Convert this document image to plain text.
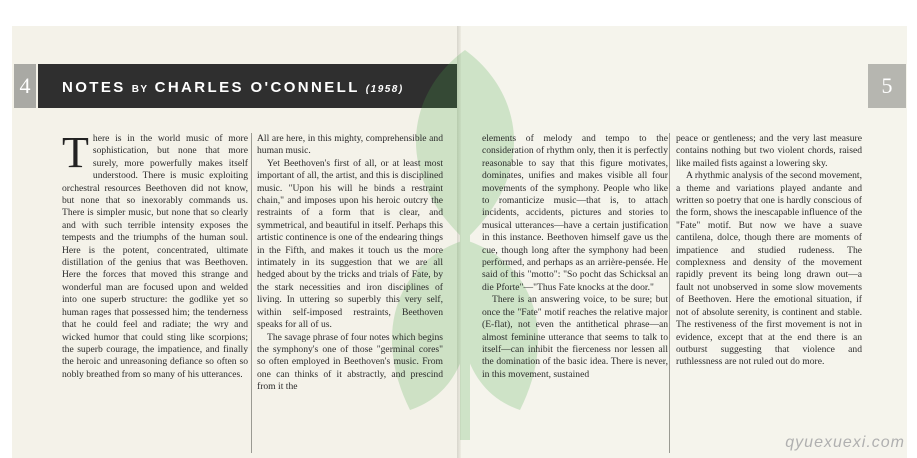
4	5
NOTES BY CHARLES O'CONNELL (1958)

There is in the world music of more sophistication, but none that more surely, more powerfully makes itself understood. There is music exploiting orchestral resources Beethoven did not know, but none that so inexorably commands us. There is simpler music, but none that so clearly and with such terrible intensity exposes the tempests and the triumphs of the human soul. Here is the potent, concentrated, ultimate distillation of the genius that was Beethoven. Here the forces that moved this strange and wonderful man are focused upon and welded into one superb structure: the godlike yet so human rages that possessed him; the tenderness that he could feel and radiate; the wry and wicked humor that could sting like scorpions; the superb courage, the impatience, and finally the heroic and unreasoning defiance so often so nobly breathed from so many of his utterances.

All are here, in this mighty, comprehensible and human music.

Yet Beethoven's first of all, or at least most important of all, the artist, and this is disciplined music. "Upon his will he binds a restraint chain," and imposes upon his heroic outcry the restraints of a form that is clear, and symmetrical, and beautiful in itself. Perhaps this artistic continence is one of the endearing things in the Fifth, and makes it touch us the more intimately in its suggestion that we are all hedged about by the tricks and trials of Fate, by the stark necessities and iron disciplines of living. In uttering so superbly this very self, within self-imposed restraints, Beethoven speaks for all of us.

The savage phrase of four notes which begins the symphony's one of those "germinal cores" so often employed in Beethoven's music. From one can thinks of it abstractly, and prescind from it the

elements of melody and tempo to the consideration of rhythm only, then it is perfectly reasonable to say that this figure motivates, dominates, unifies and makes visible all four movements of the symphony. People who like to romanticize music—that is, to attach incidents, accidents, pictures and stories to musical utterances—have a certain justification in this instance. Beethoven himself gave us the cue, though long after the symphony had been performed, and perhaps as an arrière-pensée. He said of this "motto": "So pocht das Schicksal an die Pforte"—"Thus Fate knocks at the door."

There is an answering voice, to be sure; but once the "Fate" motif reaches the relative major (E-flat), not even the antithetical phrase—an almost feminine utterance that seems to talk to itself—can inhibit the fierceness nor lessen all the domination of the basic idea. There is never, in this movement, sustained

peace or gentleness; and the very last measure contains nothing but two violent chords, raised like mailed fists against a lowering sky.

A rhythmic analysis of the second movement, a theme and variations played andante and written so poetry that one is hardly conscious of the form, shows the inescapable influence of the "Fate" motif. But now we have a suave cantilena, dolce, though there are moments of impatience and studied rudeness. The complexness and density of the movement rapidly prevent its being long drawn out—a fault not unobserved in some slow movements of Beethoven. Here the emotional situation, if not of absolute serenity, is continent and stable. The restiveness of the first movement is not in evidence, except that at the end there is an outburst suggesting that violence and ruthlessness are not ruled out do more.

qyuexuexi.com
